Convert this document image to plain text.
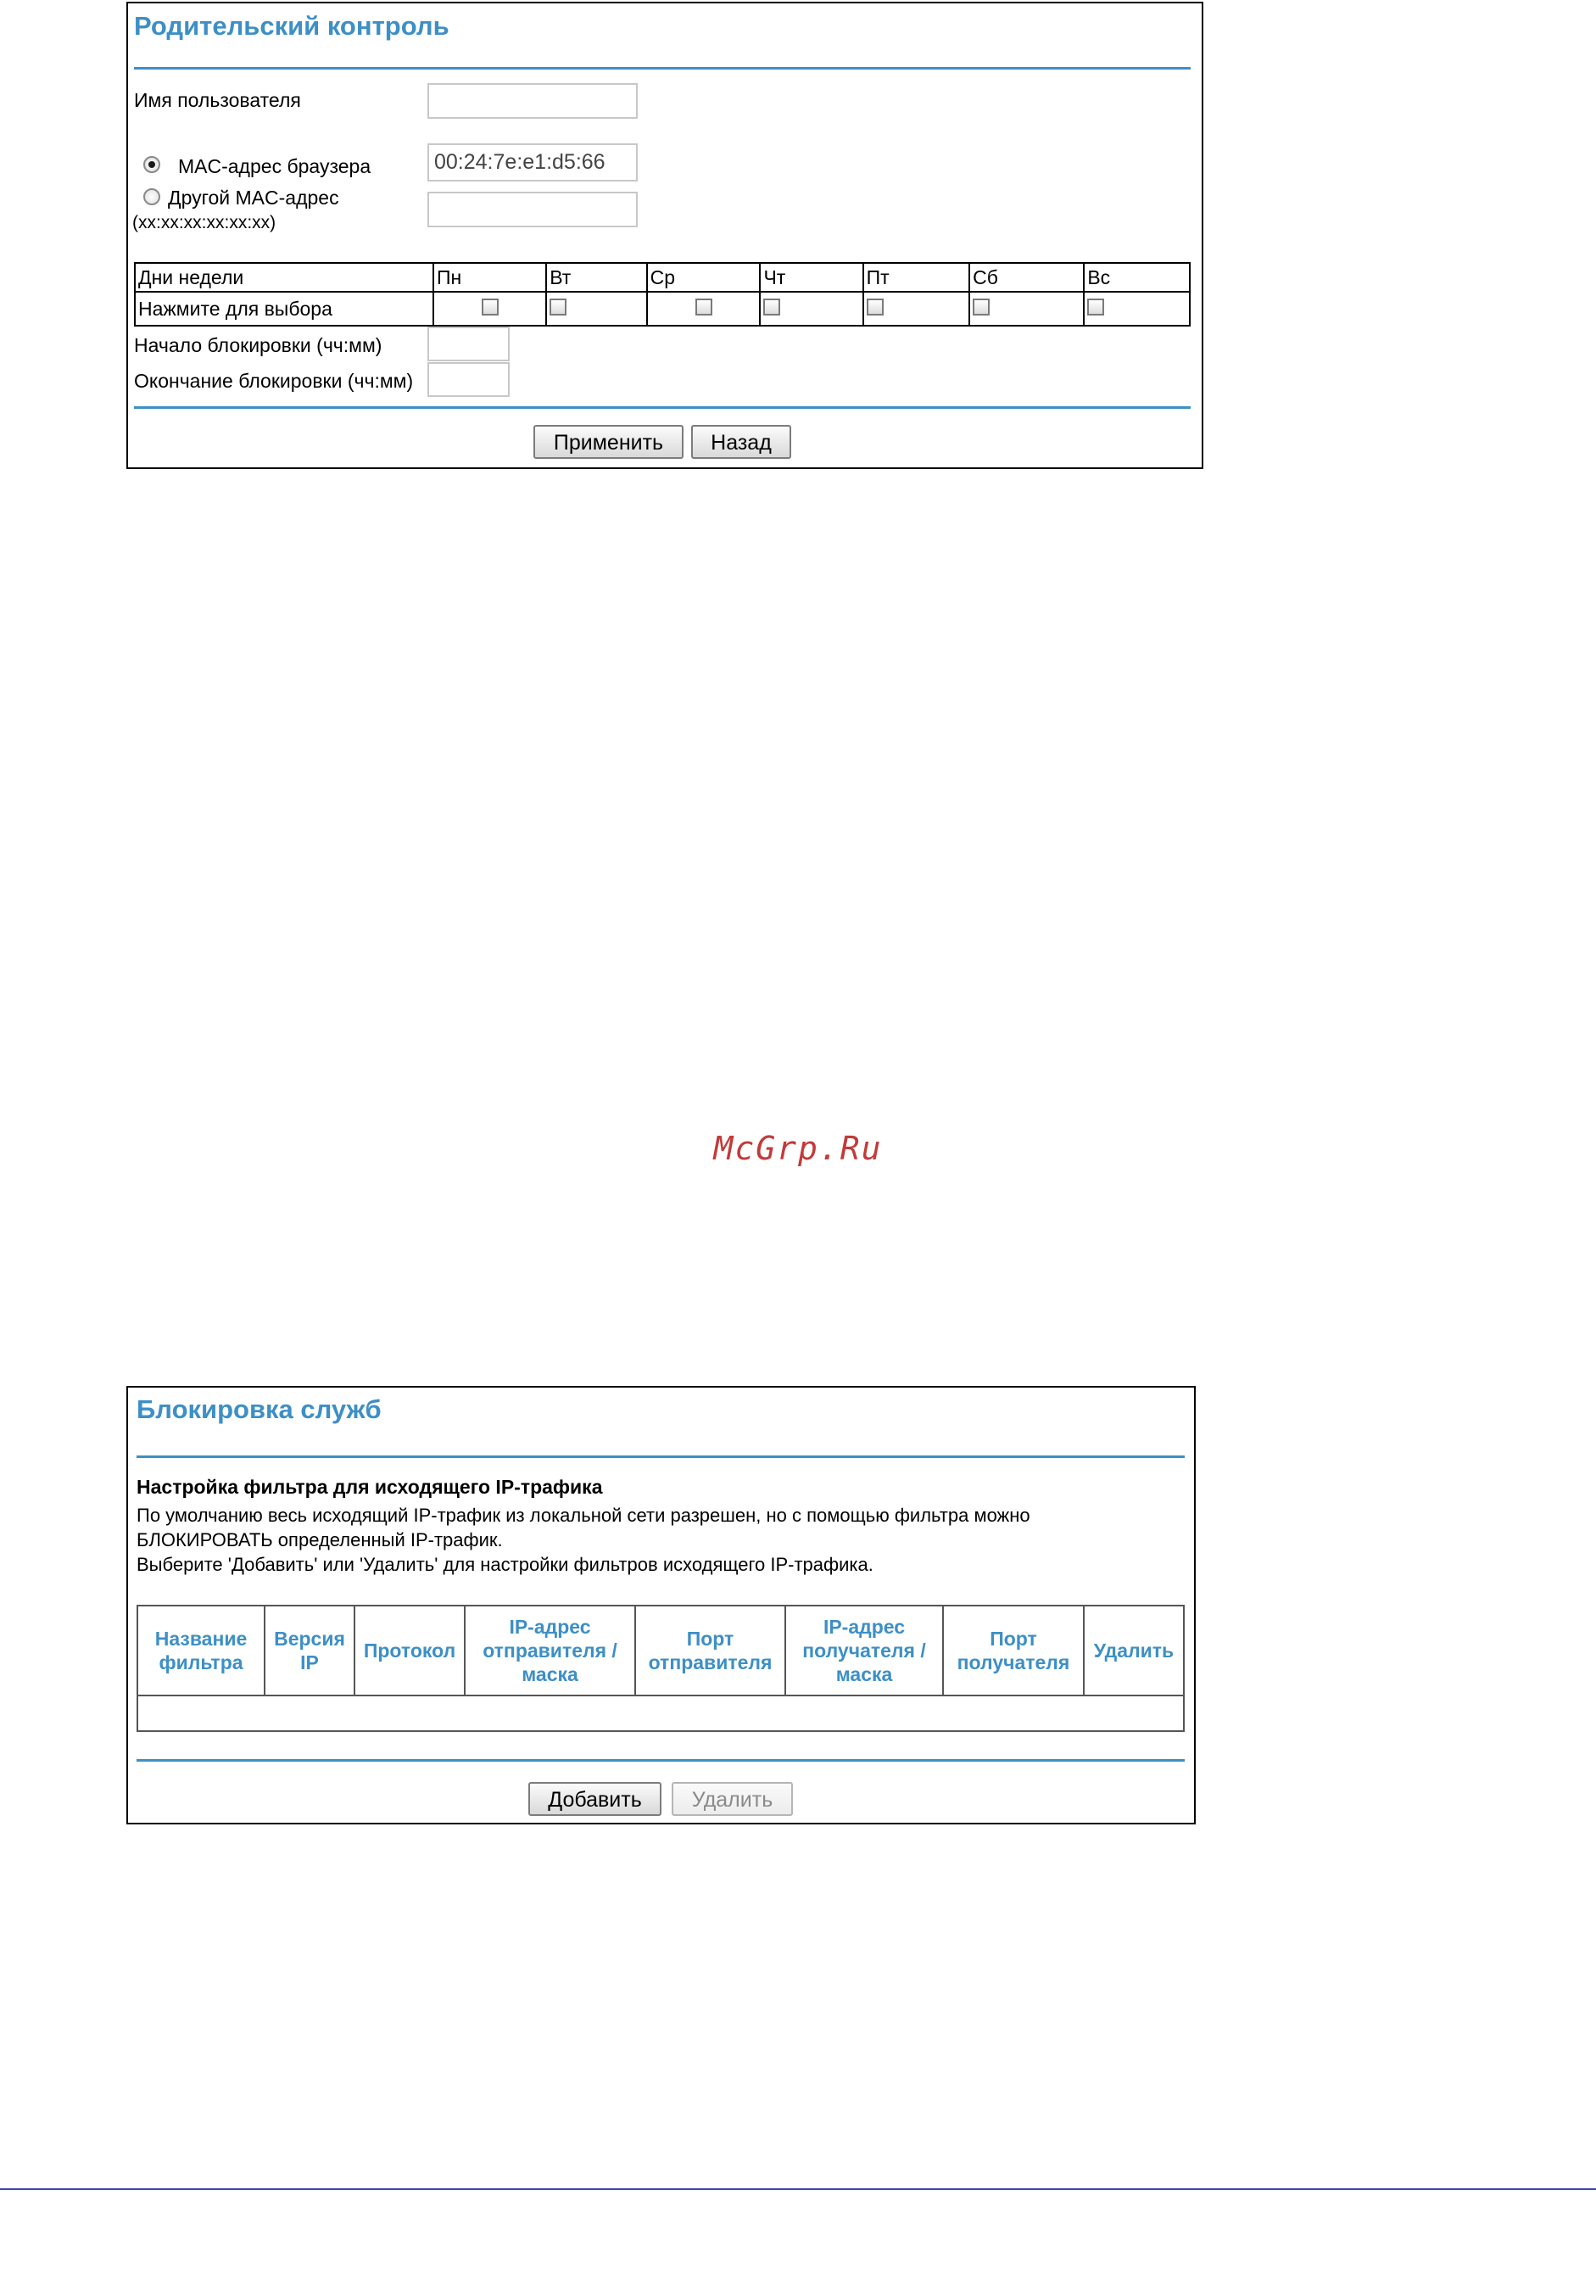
Родительский контроль
Имя пользователя
MAC-адрес браузера
00:24:7e:e1:d5:66
Другой MAC-адрес
(xx:xx:xx:xx:xx:xx)
Дни недели	Пн	Вт	Ср	Чт	Пт	Сб	Вс
Нажмите для выбора							
Начало блокировки (чч:мм)
Окончание блокировки (чч:мм)
Применить	Назад
McGrp.Ru
Блокировка служб
Настройка фильтра для исходящего IP-трафика
По умолчанию весь исходящий IP-трафик из локальной сети разрешен, но с помощью фильтра можно
БЛОКИРОВАТЬ определенный IP-трафик.
Выберите 'Добавить' или 'Удалить' для настройки фильтров исходящего IP-трафика.
Название
фильтра

Версия
IP

Протокол

IP-адрес
отправителя /
маска

Порт
отправителя

IP-адрес
получателя /
маска

Порт
получателя

Удалить

Добавить	Удалить
